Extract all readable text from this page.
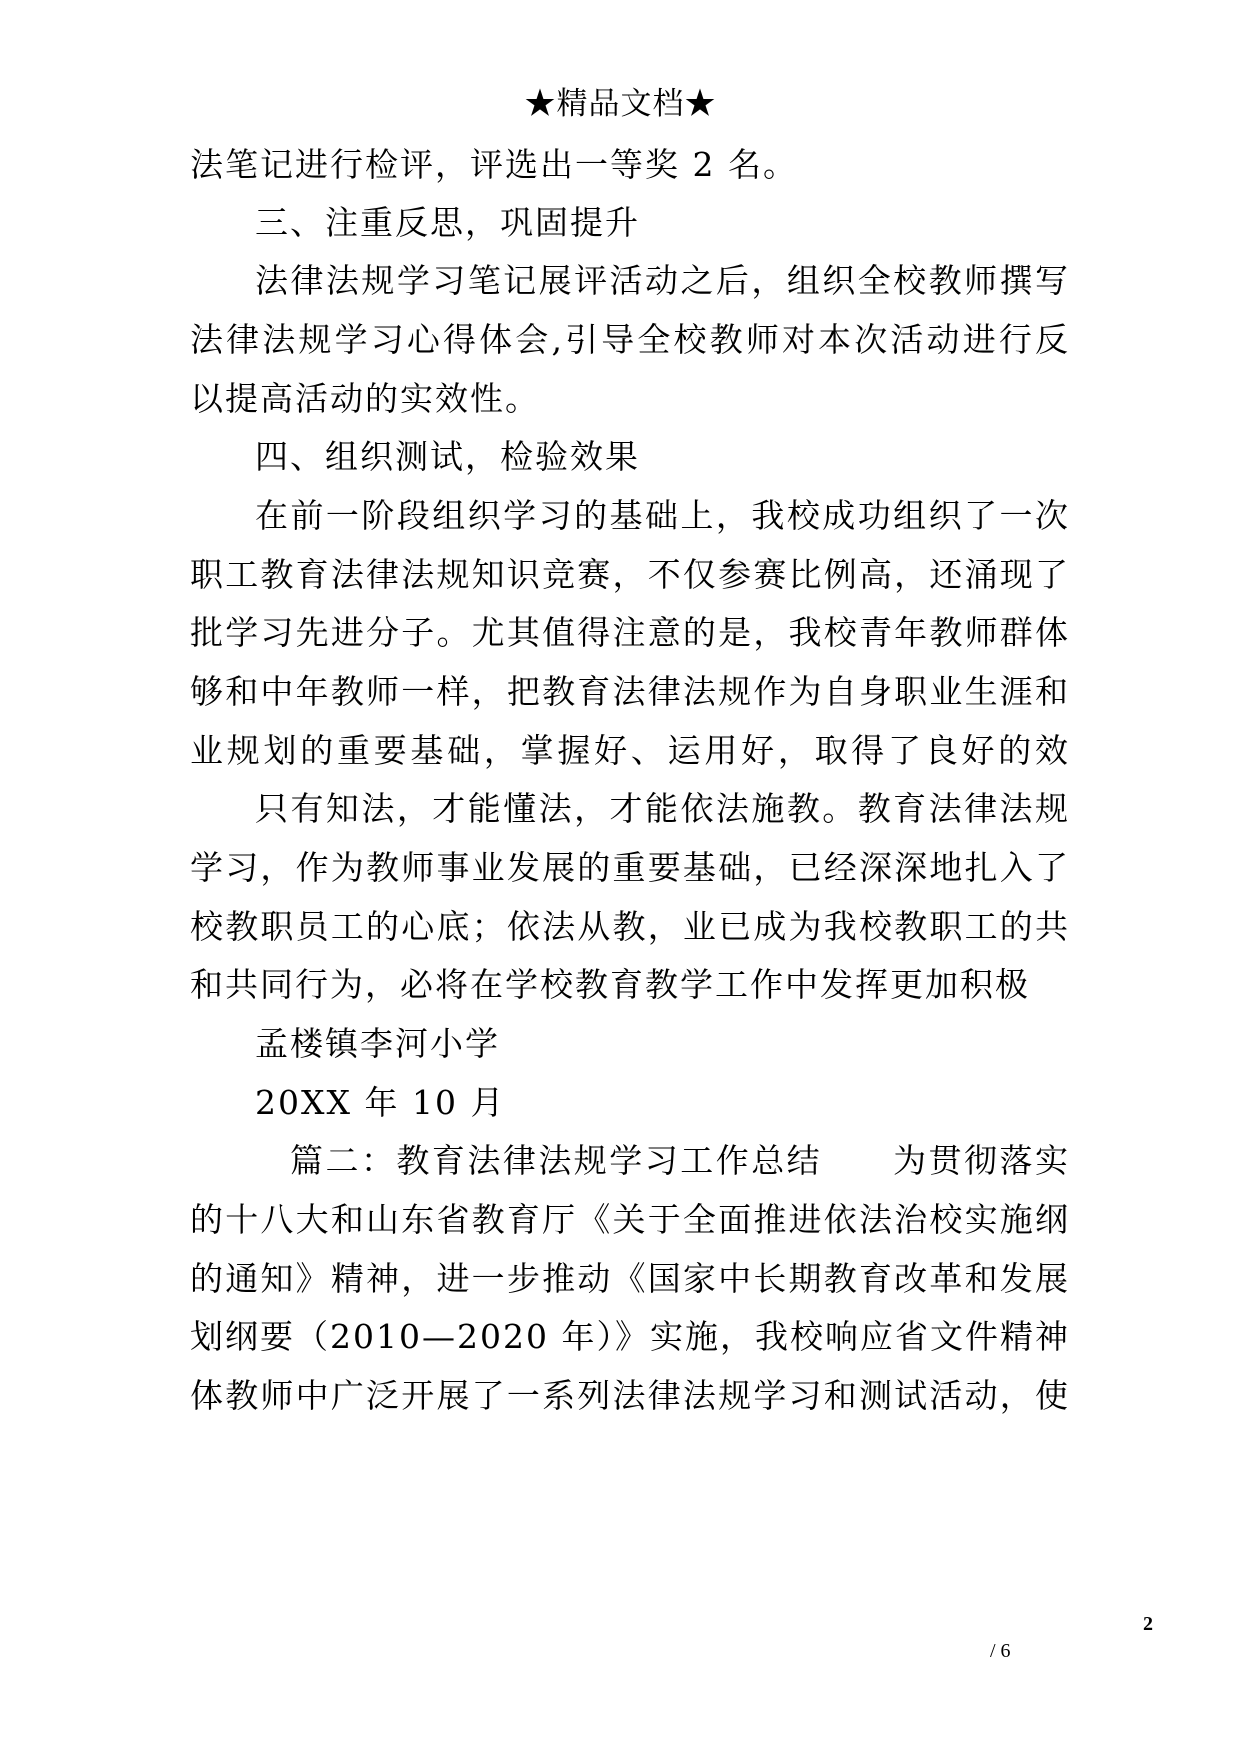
★精品文档★
法笔记进行检评，评选出一等奖 2 名。
三、注重反思，巩固提升
法律法规学习笔记展评活动之后，组织全校教师撰写
法律法规学习心得体会,引导全校教师对本次活动进行反
以提高活动的实效性。
四、组织测试，检验效果
在前一阶段组织学习的基础上，我校成功组织了一次
职工教育法律法规知识竞赛，不仅参赛比例高，还涌现了
批学习先进分子。尤其值得注意的是，我校青年教师群体
够和中年教师一样，把教育法律法规作为自身职业生涯和
业规划的重要基础，掌握好、运用好，取得了良好的效
只有知法，才能懂法，才能依法施教。教育法律法规
学习，作为教师事业发展的重要基础，已经深深地扎入了
校教职员工的心底；依法从教，业已成为我校教职工的共
和共同行为，必将在学校教育教学工作中发挥更加积极
孟楼镇李河小学
20XX 年 10 月
篇二：教育法律法规学习工作总结　　为贯彻落实
的十八大和山东省教育厅《关于全面推进依法治校实施纲
的通知》精神，进一步推动《国家中长期教育改革和发展
划纲要（2010—2020 年）》实施，我校响应省文件精神
体教师中广泛开展了一系列法律法规学习和测试活动，使
2
/ 6
